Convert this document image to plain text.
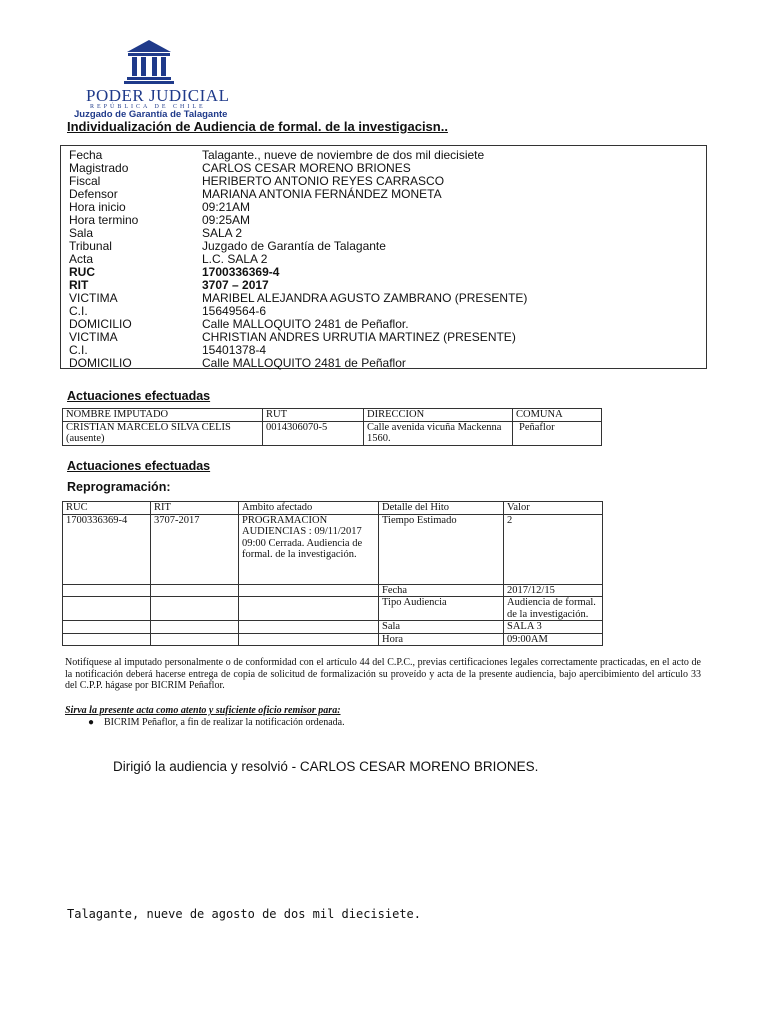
PODER JUDICIAL
REPÚBLICA DE CHILE
Juzgado de Garantía de Talagante
Individualización de Audiencia de formal. de la investigacisn..
Fecha	Talagante., nueve de noviembre de dos mil diecisiete
Magistrado	CARLOS CESAR MORENO BRIONES
Fiscal	HERIBERTO ANTONIO REYES CARRASCO
Defensor	MARIANA ANTONIA FERNÁNDEZ MONETA
Hora inicio	09:21AM
Hora termino	09:25AM
Sala	SALA 2
Tribunal	Juzgado de Garantía de Talagante
Acta	L.C. SALA 2
RUC	1700336369-4
RIT	3707 – 2017
VICTIMA	MARIBEL ALEJANDRA AGUSTO ZAMBRANO (PRESENTE)
C.I.	15649564-6
DOMICILIO	Calle MALLOQUITO 2481 de Peñaflor.
VICTIMA	CHRISTIAN ANDRES URRUTIA MARTINEZ (PRESENTE)
C.I.	15401378-4
DOMICILIO	Calle MALLOQUITO 2481 de Peñaflor
Actuaciones efectuadas
NOMBRE IMPUTADO	RUT	DIRECCION	COMUNA
CRISTIAN MARCELO SILVA CELIS (ausente)	0014306070-5	Calle avenida vicuña Mackenna 1560.	Peñaflor
Actuaciones efectuadas
Reprogramación:
RUC	RIT	Ambito afectado	Detalle del Hito	Valor
1700336369-4	3707-2017	PROGRAMACION AUDIENCIAS : 09/11/2017 09:00 Cerrada. Audiencia de formal. de la investigación.	Tiempo Estimado	2
			Fecha	2017/12/15
			Tipo Audiencia	Audiencia de formal. de la investigación.
			Sala	SALA 3
			Hora	09:00AM
Notifíquese al imputado personalmente o de conformidad con el artículo 44 del C.P.C., previas certificaciones legales correctamente practicadas, en el acto de la notificación deberá hacerse entrega de copia de solicitud de formalización su proveído y acta de la presente audiencia, bajo apercibimiento del artículo 33 del C.P.P. hágase por BICRIM Peñaflor.
Sirva la presente acta como atento y suficiente oficio remisor para:
● BICRIM Peñaflor, a fin de realizar la notificación ordenada.
Dirigió la audiencia y resolvió - CARLOS CESAR MORENO BRIONES.
Talagante, nueve de agosto de dos mil diecisiete.
